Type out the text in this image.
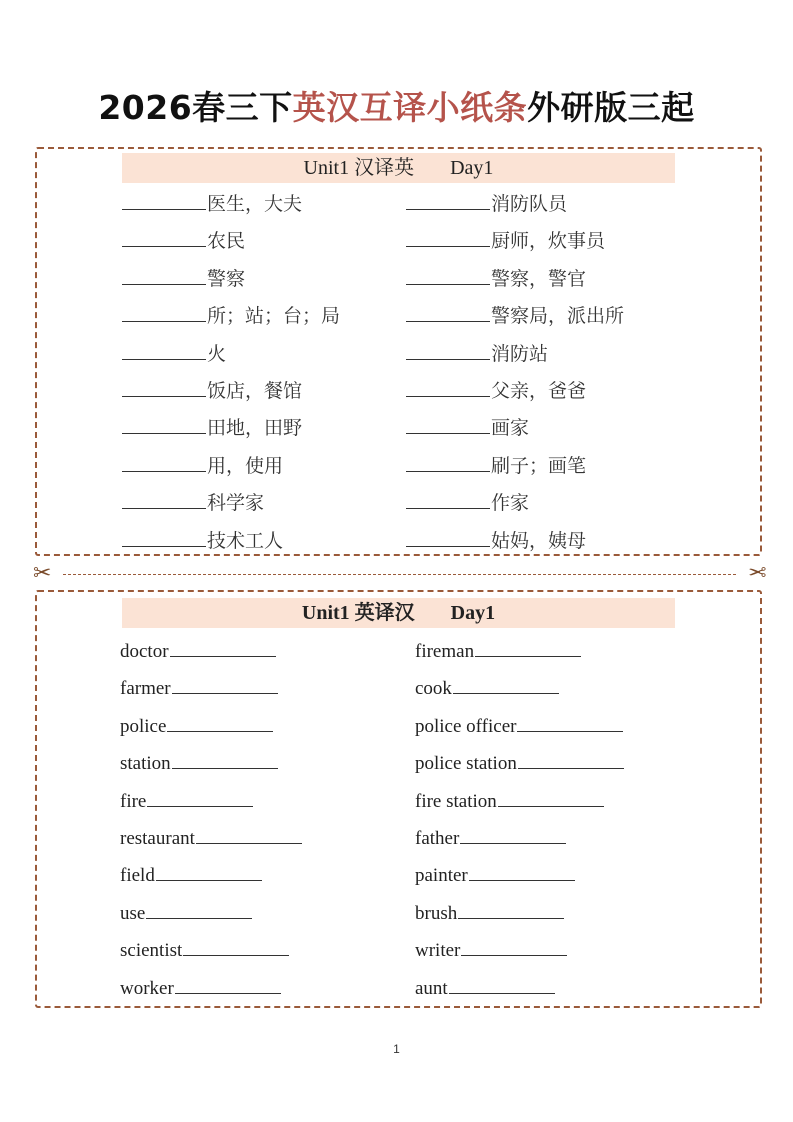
2026春三下英汉互译小纸条外研版三起
Unit1 汉译英 Day1
医生，大夫
农民
警察
所；站；台；局
火
饭店，餐馆
田地，田野
用，使用
科学家
技术工人
消防队员
厨师，炊事员
警察，警官
警察局，派出所
消防站
父亲，爸爸
画家
刷子；画笔
作家
姑妈，姨母
✂	✂
Unit1 英译汉 Day1
doctor
farmer
police
station
fire
restaurant
field
use
scientist
worker
fireman
cook
police officer
police station
fire station
father
painter
brush
writer
aunt
1
